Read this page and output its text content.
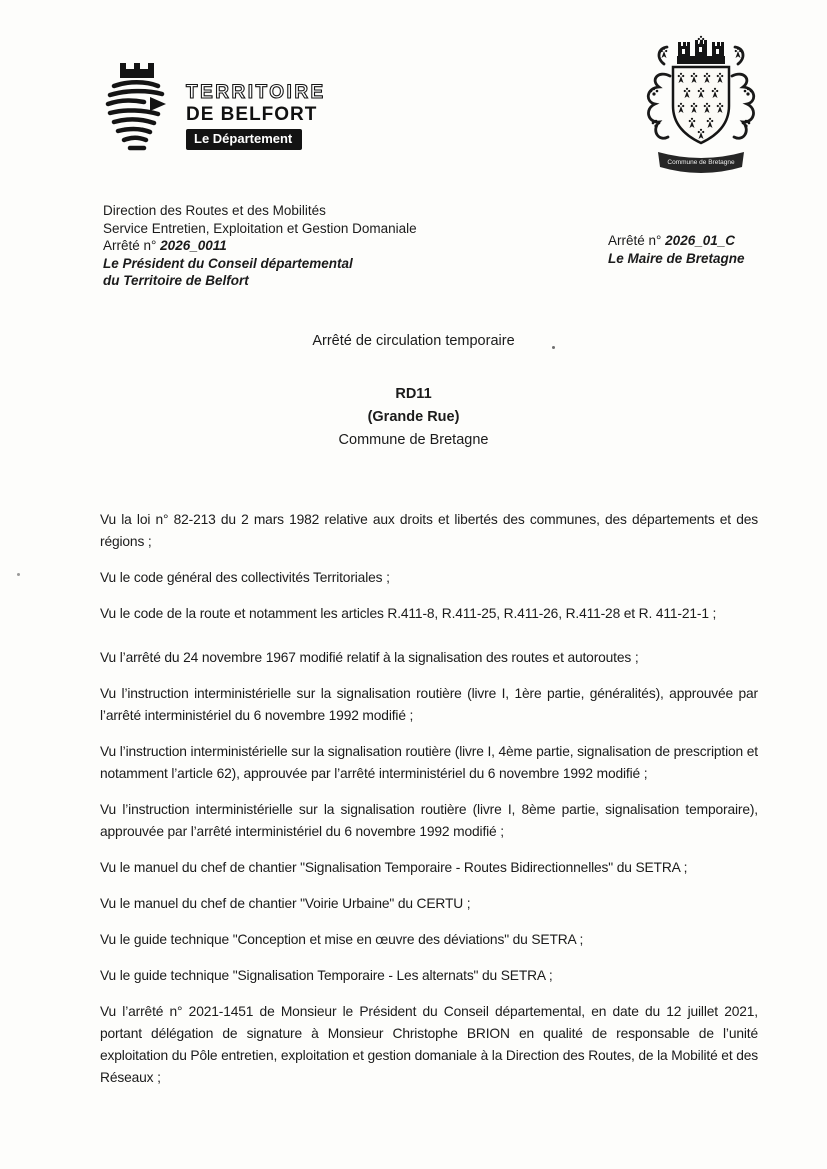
TERRITOIRE
DE BELFORT
Le Département
Commune de Bretagne
Direction des Routes et des Mobilités
Service Entretien, Exploitation et Gestion Domaniale
Arrêté n° 2026_0011
Le Président du Conseil départemental
du Territoire de Belfort
Arrêté n° 2026_01_C
Le Maire de Bretagne
Arrêté de circulation temporaire
RD11
(Grande Rue)
Commune de Bretagne

Vu la loi n° 82-213 du 2 mars 1982 relative aux droits et libertés des communes, des départements et des régions ;

Vu le code général des collectivités Territoriales ;

Vu le code de la route et notamment les articles R.411-8, R.411-25, R.411-26, R.411-28 et R. 411-21-1 ;

Vu l’arrêté du 24 novembre 1967 modifié relatif à la signalisation des routes et autoroutes ;

Vu l’instruction interministérielle sur la signalisation routière (livre I, 1ère partie, généralités), approuvée par l’arrêté interministériel du 6 novembre 1992 modifié ;

Vu l’instruction interministérielle sur la signalisation routière (livre I, 4ème partie, signalisation de prescription et notamment l’article 62), approuvée par l’arrêté interministériel du 6 novembre 1992 modifié ;

Vu l’instruction interministérielle sur la signalisation routière (livre I, 8ème partie, signalisation temporaire), approuvée par l’arrêté interministériel du 6 novembre 1992 modifié ;

Vu le manuel du chef de chantier "Signalisation Temporaire - Routes Bidirectionnelles" du SETRA ;

Vu le manuel du chef de chantier "Voirie Urbaine" du CERTU ;

Vu le guide technique "Conception et mise en œuvre des déviations" du SETRA ;

Vu le guide technique "Signalisation Temporaire - Les alternats" du SETRA ;

Vu l’arrêté n° 2021-1451 de Monsieur le Président du Conseil départemental, en date du 12 juillet 2021, portant délégation de signature à Monsieur Christophe BRION en qualité de responsable de l’unité exploitation du Pôle entretien, exploitation et gestion domaniale à la Direction des Routes, de la Mobilité et des Réseaux ;
